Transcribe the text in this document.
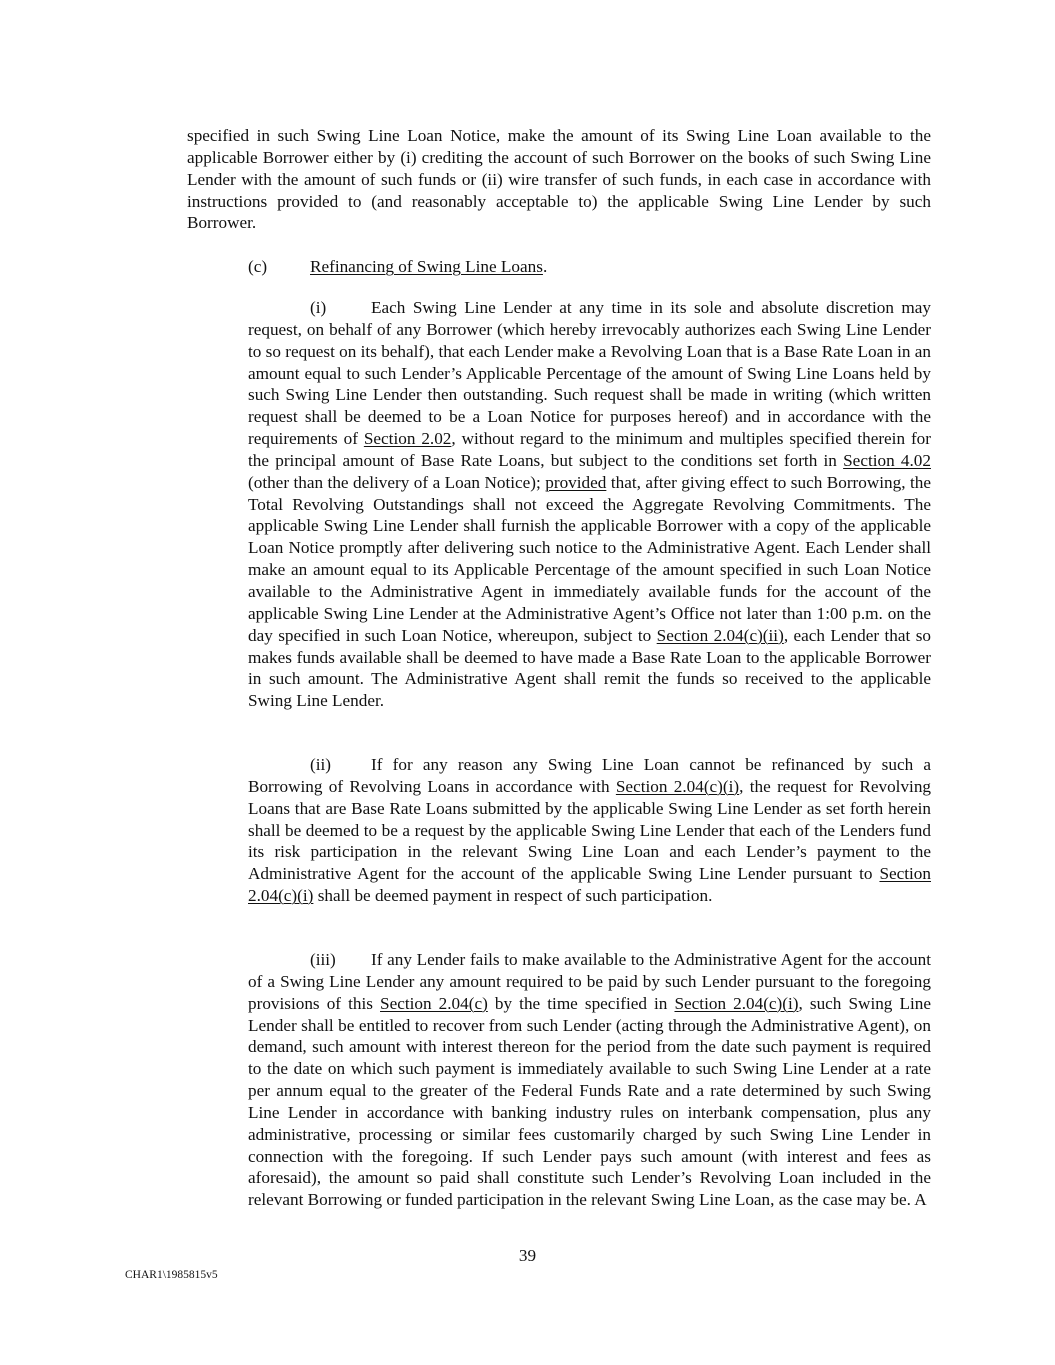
specified in such Swing Line Loan Notice, make the amount of its Swing Line Loan available to the applicable Borrower either by (i) crediting the account of such Borrower on the books of such Swing Line Lender with the amount of such funds or (ii) wire transfer of such funds, in each case in accordance with instructions provided to (and reasonably acceptable to) the applicable Swing Line Lender by such Borrower.

(c) Refinancing of Swing Line Loans.

(i)	Each Swing Line Lender at any time in its sole and absolute discretion may request, on behalf of any Borrower (which hereby irrevocably authorizes each Swing Line Lender to so request on its behalf), that each Lender make a Revolving Loan that is a Base Rate Loan in an amount equal to such Lender’s Applicable Percentage of the amount of Swing Line Loans held by such Swing Line Lender then outstanding. Such request shall be made in writing (which written request shall be deemed to be a Loan Notice for purposes hereof) and in accordance with the requirements of Section 2.02, without regard to the minimum and multiples specified therein for the principal amount of Base Rate Loans, but subject to the conditions set forth in Section 4.02 (other than the delivery of a Loan Notice); provided that, after giving effect to such Borrowing, the Total Revolving Outstandings shall not exceed the Aggregate Revolving Commitments. The applicable Swing Line Lender shall furnish the applicable Borrower with a copy of the applicable Loan Notice promptly after delivering such notice to the Administrative Agent. Each Lender shall make an amount equal to its Applicable Percentage of the amount specified in such Loan Notice available to the Administrative Agent in immediately available funds for the account of the applicable Swing Line Lender at the Administrative Agent’s Office not later than 1:00 p.m. on the day specified in such Loan Notice, whereupon, subject to Section 2.04(c)(ii), each Lender that so makes funds available shall be deemed to have made a Base Rate Loan to the applicable Borrower in such amount. The Administrative Agent shall remit the funds so received to the applicable Swing Line Lender.

(ii) If for any reason any Swing Line Loan cannot be refinanced by such a Borrowing of Revolving Loans in accordance with Section 2.04(c)(i), the request for Revolving Loans that are Base Rate Loans submitted by the applicable Swing Line Lender as set forth herein shall be deemed to be a request by the applicable Swing Line Lender that each of the Lenders fund its risk participation in the relevant Swing Line Loan and each Lender’s payment to the Administrative Agent for the account of the applicable Swing Line Lender pursuant to Section 2.04(c)(i) shall be deemed payment in respect of such participation.

(iii) If any Lender fails to make available to the Administrative Agent for the account of a Swing Line Lender any amount required to be paid by such Lender pursuant to the foregoing provisions of this Section 2.04(c) by the time specified in Section 2.04(c)(i), such Swing Line Lender shall be entitled to recover from such Lender (acting through the Administrative Agent), on demand, such amount with interest thereon for the period from the date such payment is required to the date on which such payment is immediately available to such Swing Line Lender at a rate per annum equal to the greater of the Federal Funds Rate and a rate determined by such Swing Line Lender in accordance with banking industry rules on interbank compensation, plus any administrative, processing or similar fees customarily charged by such Swing Line Lender in connection with the foregoing. If such Lender pays such amount (with interest and fees as aforesaid), the amount so paid shall constitute such Lender’s Revolving Loan included in the relevant Borrowing or funded participation in the relevant Swing Line Loan, as the case may be. A

39
CHAR1\1985815v5
